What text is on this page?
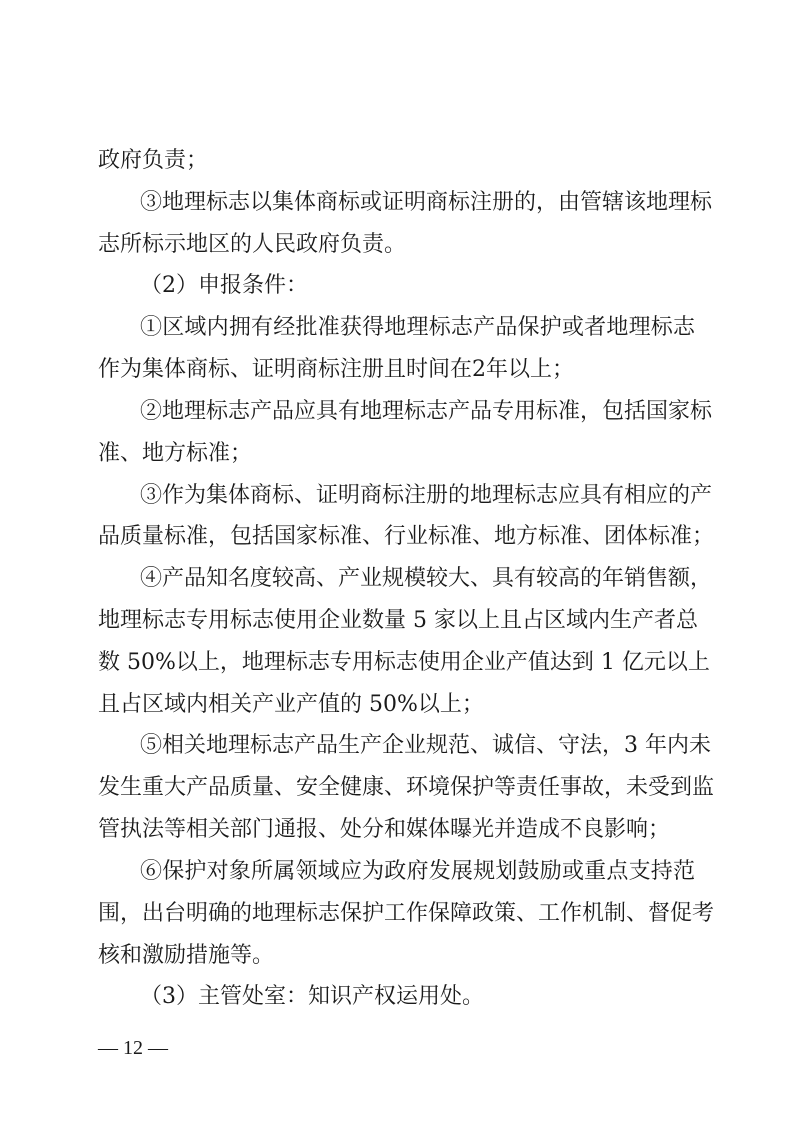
政府负责；
③地理标志以集体商标或证明商标注册的，由管辖该地理标
志所标示地区的人民政府负责。
（2）申报条件：
①区域内拥有经批准获得地理标志产品保护或者地理标志
作为集体商标、证明商标注册且时间在2年以上；
②地理标志产品应具有地理标志产品专用标准，包括国家标
准、地方标准；
③作为集体商标、证明商标注册的地理标志应具有相应的产
品质量标准，包括国家标准、行业标准、地方标准、团体标准；
④产品知名度较高、产业规模较大、具有较高的年销售额，
地理标志专用标志使用企业数量 5 家以上且占区域内生产者总
数 50%以上，地理标志专用标志使用企业产值达到 1 亿元以上
且占区域内相关产业产值的 50%以上；
⑤相关地理标志产品生产企业规范、诚信、守法，3 年内未
发生重大产品质量、安全健康、环境保护等责任事故，未受到监
管执法等相关部门通报、处分和媒体曝光并造成不良影响；
⑥保护对象所属领域应为政府发展规划鼓励或重点支持范
围，出台明确的地理标志保护工作保障政策、工作机制、督促考
核和激励措施等。
（3）主管处室：知识产权运用处。
— 12 —
